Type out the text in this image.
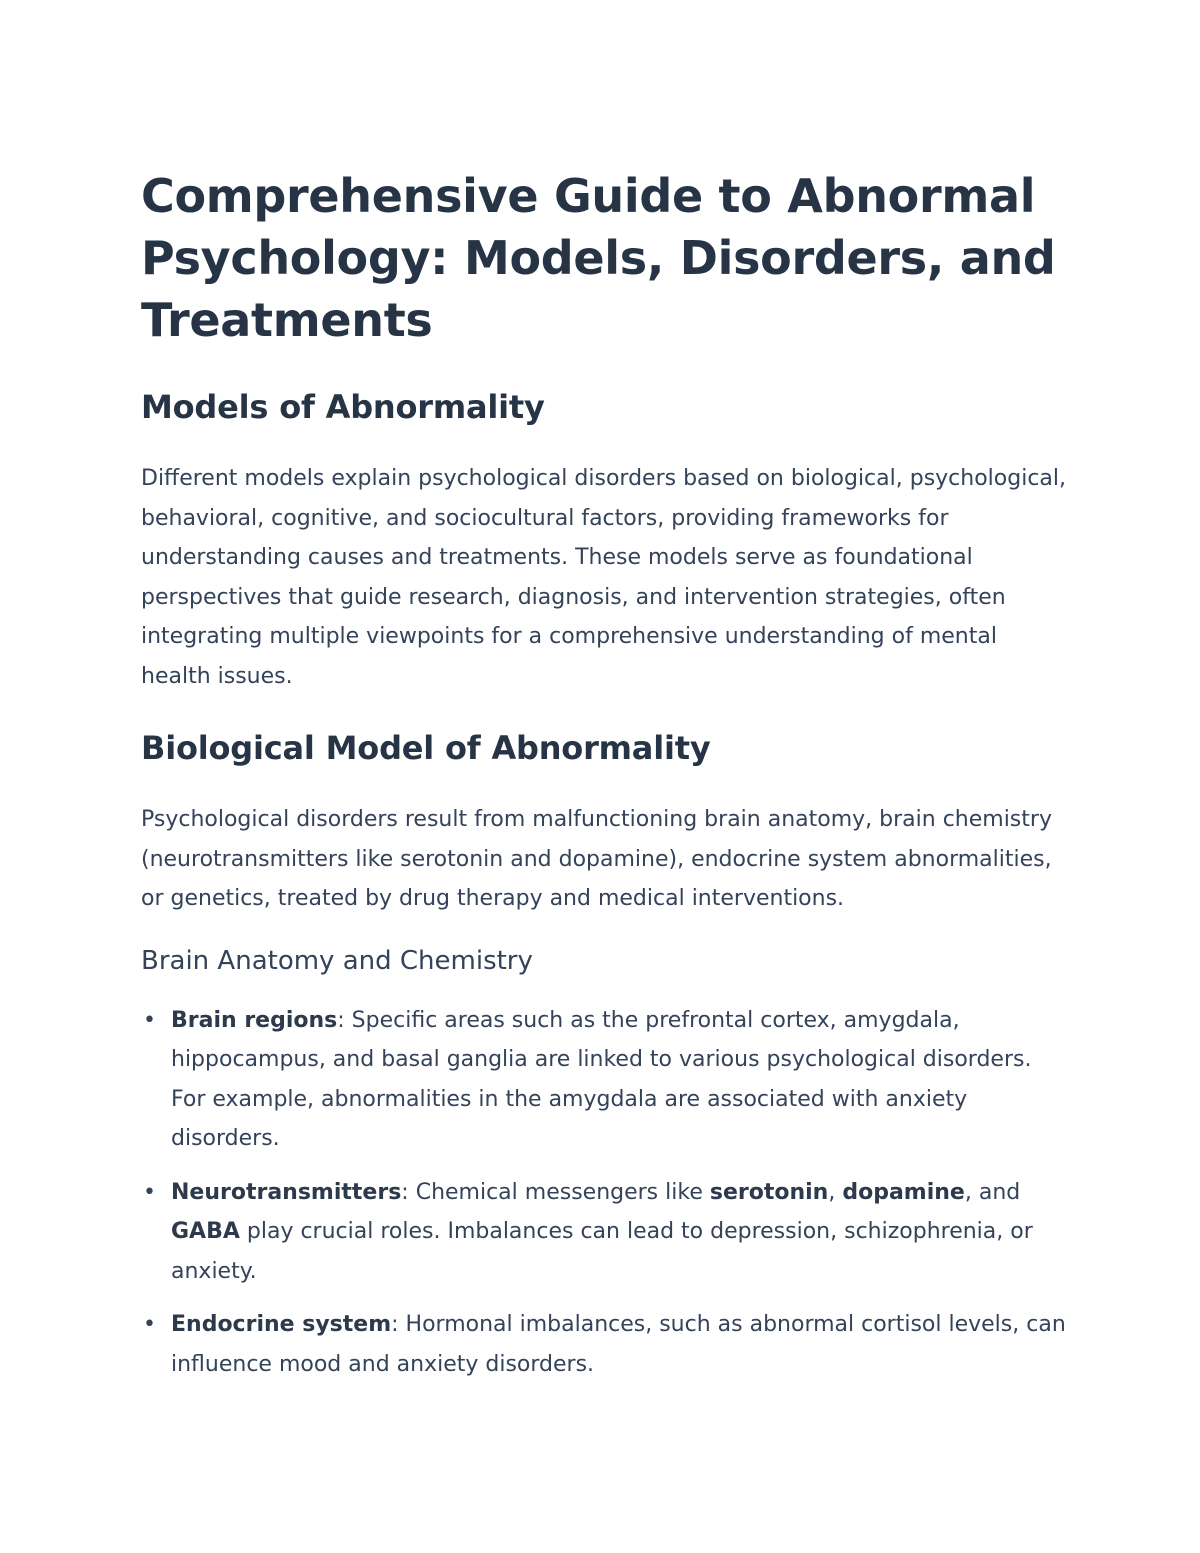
Comprehensive Guide to Abnormal Psychology: Models, Disorders, and Treatments
Models of Abnormality

Different models explain psychological disorders based on biological, psychological, behavioral, cognitive, and sociocultural factors, providing frameworks for understanding causes and treatments. These models serve as foundational perspectives that guide research, diagnosis, and intervention strategies, often integrating multiple viewpoints for a comprehensive understanding of mental health issues.

Biological Model of Abnormality

Psychological disorders result from malfunctioning brain anatomy, brain chemistry (neurotransmitters like serotonin and dopamine), endocrine system abnormalities, or genetics, treated by drug therapy and medical interventions.

Brain Anatomy and Chemistry
• Brain regions: Specific areas such as the prefrontal cortex, amygdala, hippocampus, and basal ganglia are linked to various psychological disorders. For example, abnormalities in the amygdala are associated with anxiety disorders.
• Neurotransmitters: Chemical messengers like serotonin, dopamine, and GABA play crucial roles. Imbalances can lead to depression, schizophrenia, or anxiety.
• Endocrine system: Hormonal imbalances, such as abnormal cortisol levels, can influence mood and anxiety disorders.
